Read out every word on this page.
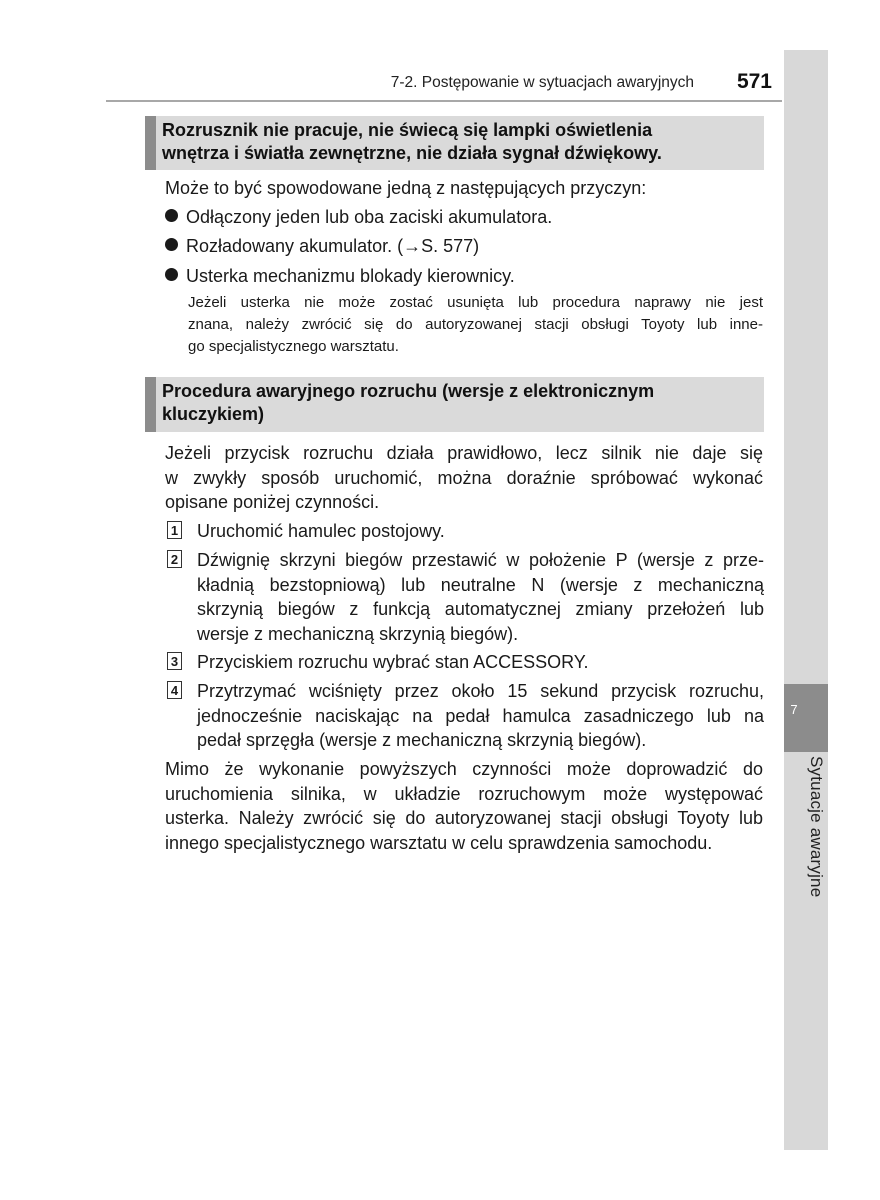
7-2. Postępowanie w sytuacjach awaryjnych	571
7
Sytuacje awaryjne
Rozrusznik nie pracuje, nie świecą się lampki oświetlenia
wnętrza i światła zewnętrzne, nie działa sygnał dźwiękowy.
Może to być spowodowane jedną z następujących przyczyn:
Odłączony jeden lub oba zaciski akumulatora.
Rozładowany akumulator. (→S. 577)
Usterka mechanizmu blokady kierownicy.
Jeżeli usterka nie może zostać usunięta lub procedura naprawy nie jest
znana, należy zwrócić się do autoryzowanej stacji obsługi Toyoty lub inne-
go specjalistycznego warsztatu.
Procedura awaryjnego rozruchu (wersje z elektronicznym
kluczykiem)
Jeżeli przycisk rozruchu działa prawidłowo, lecz silnik nie daje się
w zwykły sposób uruchomić, można doraźnie spróbować wykonać
opisane poniżej czynności.
1 Uruchomić hamulec postojowy.
2 Dźwignię skrzyni biegów przestawić w położenie P (wersje z prze-
kładnią bezstopniową) lub neutralne N (wersje z mechaniczną
skrzynią biegów z funkcją automatycznej zmiany przełożeń lub
wersje z mechaniczną skrzynią biegów).
3 Przyciskiem rozruchu wybrać stan ACCESSORY.
4 Przytrzymać wciśnięty przez około 15 sekund przycisk rozruchu,
jednocześnie naciskając na pedał hamulca zasadniczego lub na
pedał sprzęgła (wersje z mechaniczną skrzynią biegów).
Mimo że wykonanie powyższych czynności może doprowadzić do
uruchomienia silnika, w układzie rozruchowym może występować
usterka. Należy zwrócić się do autoryzowanej stacji obsługi Toyoty lub
innego specjalistycznego warsztatu w celu sprawdzenia samochodu.
